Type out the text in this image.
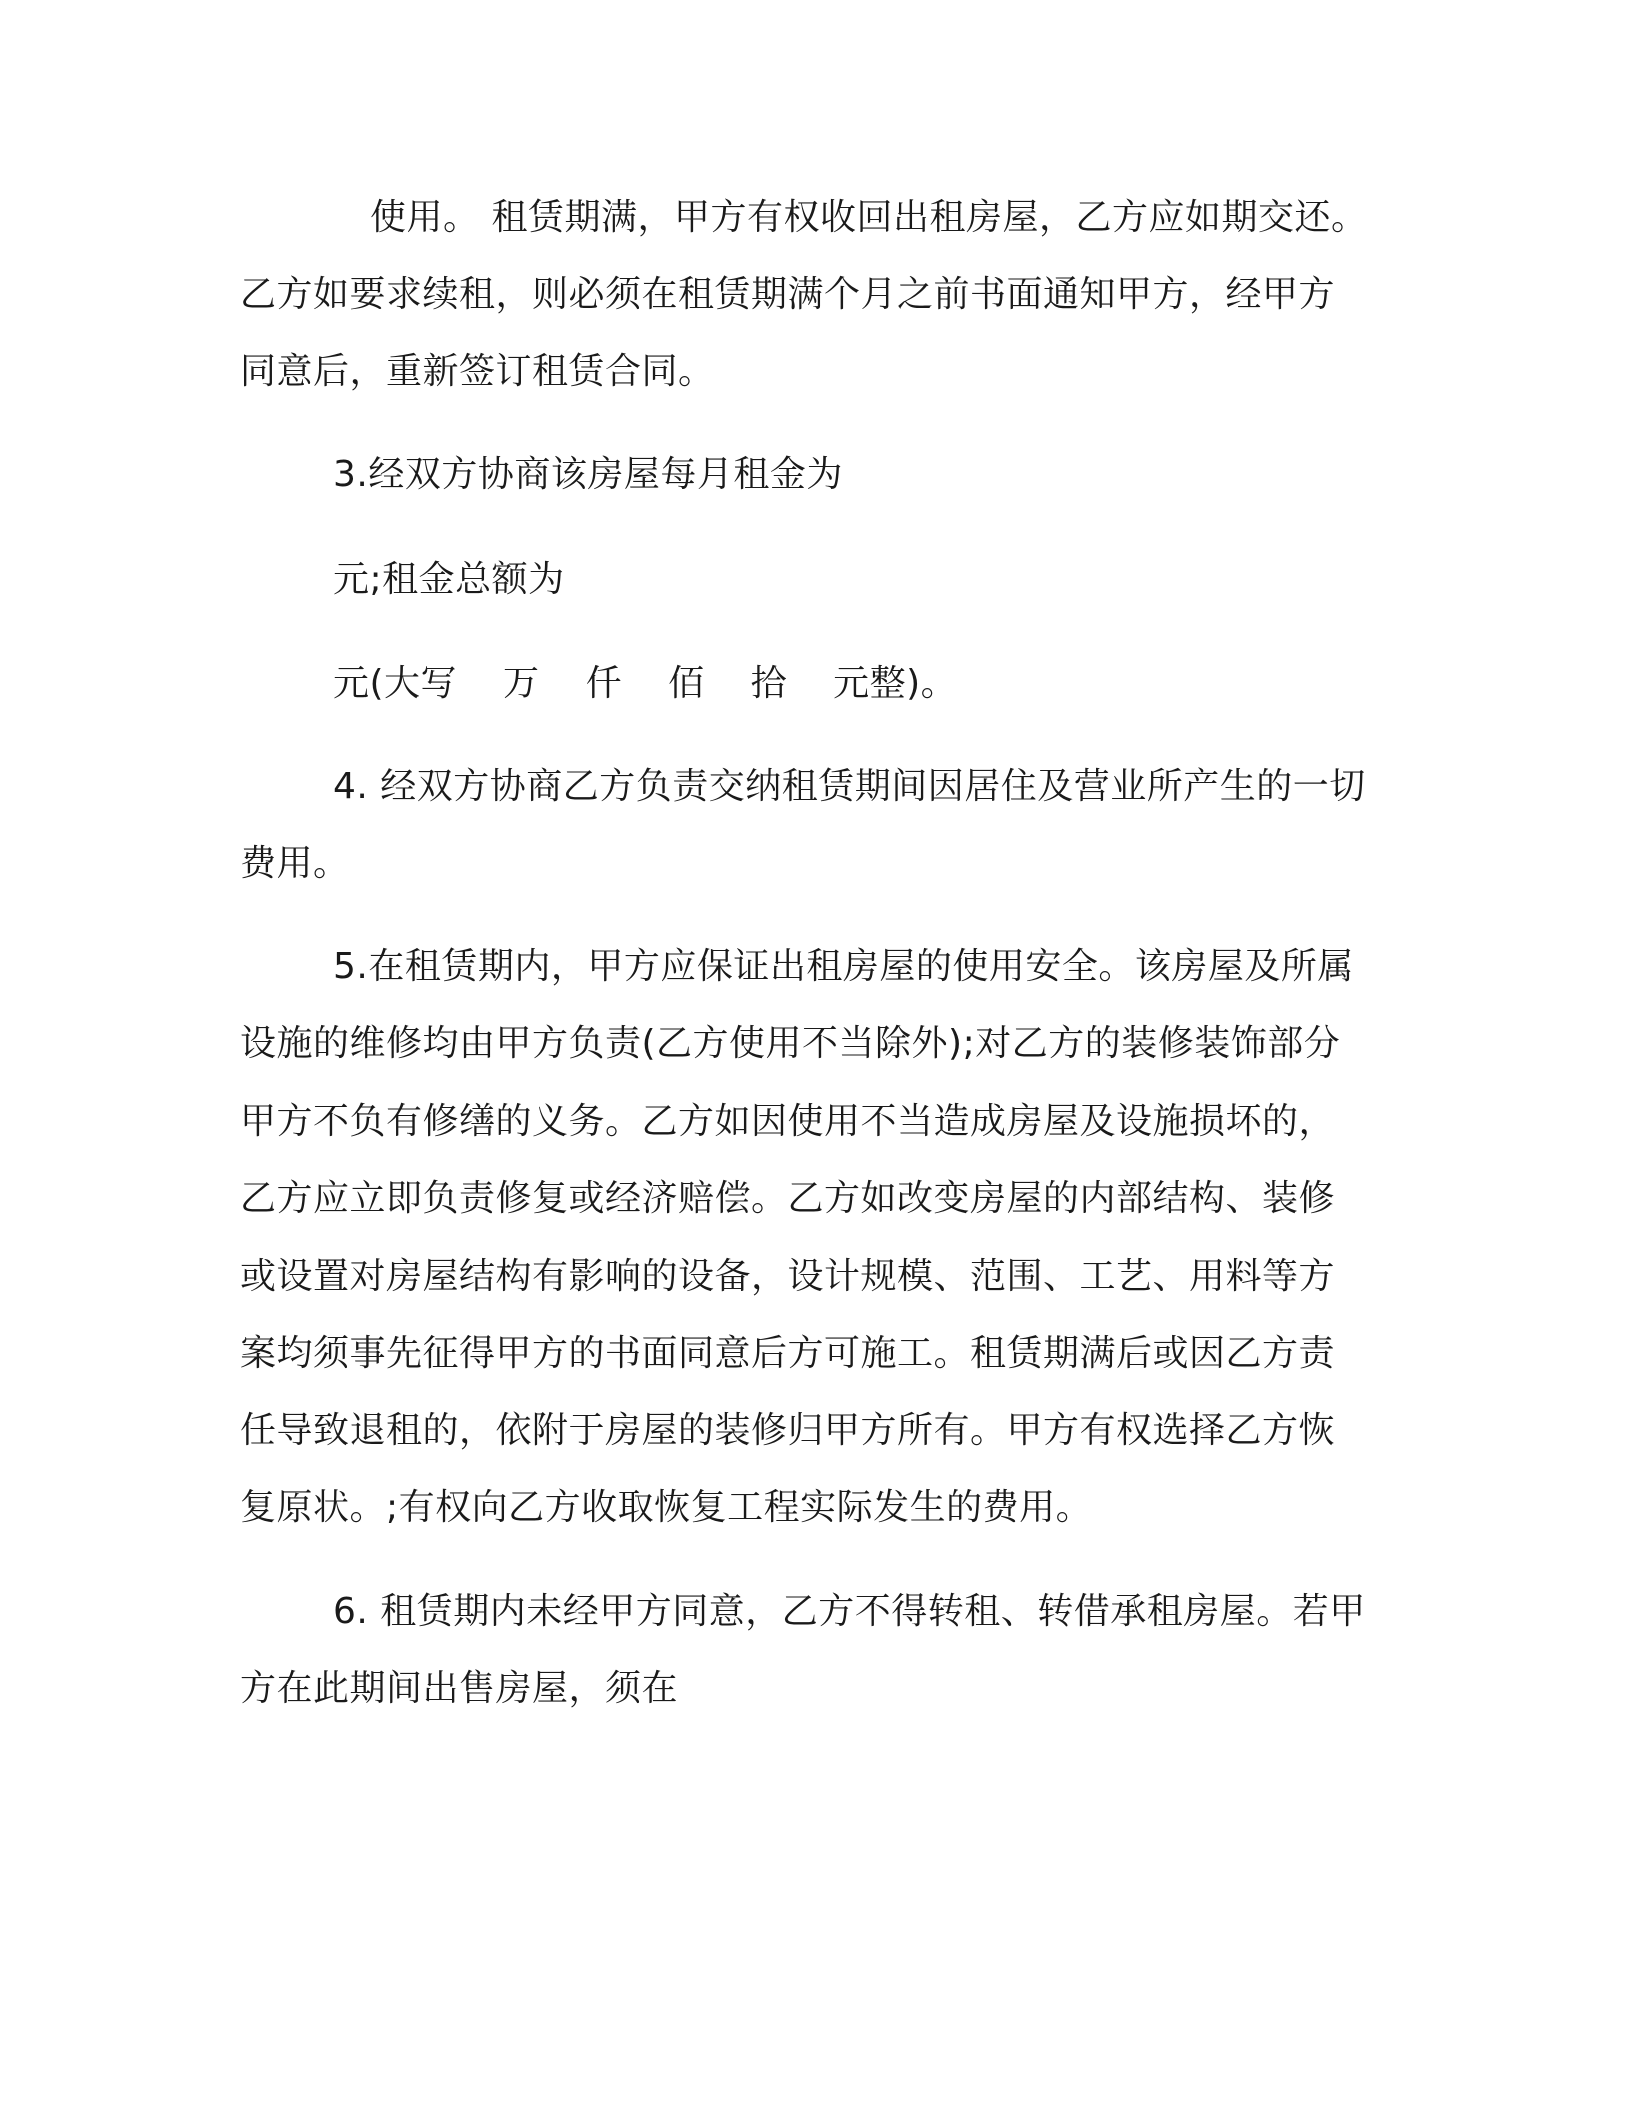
使用。 租赁期满，甲方有权收回出租房屋，乙方应如期交还。
乙方如要求续租，则必须在租赁期满个月之前书面通知甲方，经甲方
同意后，重新签订租赁合同。
3.经双方协商该房屋每月租金为
元;租金总额为
元(大写 万 仟 佰 拾 元整)。
4. 经双方协商乙方负责交纳租赁期间因居住及营业所产生的一切
费用。
5.在租赁期内，甲方应保证出租房屋的使用安全。该房屋及所属
设施的维修均由甲方负责(乙方使用不当除外);对乙方的装修装饰部分
甲方不负有修缮的义务。乙方如因使用不当造成房屋及设施损坏的，
乙方应立即负责修复或经济赔偿。乙方如改变房屋的内部结构、装修
或设置对房屋结构有影响的设备，设计规模、范围、工艺、用料等方
案均须事先征得甲方的书面同意后方可施工。租赁期满后或因乙方责
任导致退租的，依附于房屋的装修归甲方所有。甲方有权选择乙方恢
复原状。;有权向乙方收取恢复工程实际发生的费用。
6. 租赁期内未经甲方同意，乙方不得转租、转借承租房屋。若甲
方在此期间出售房屋，须在
